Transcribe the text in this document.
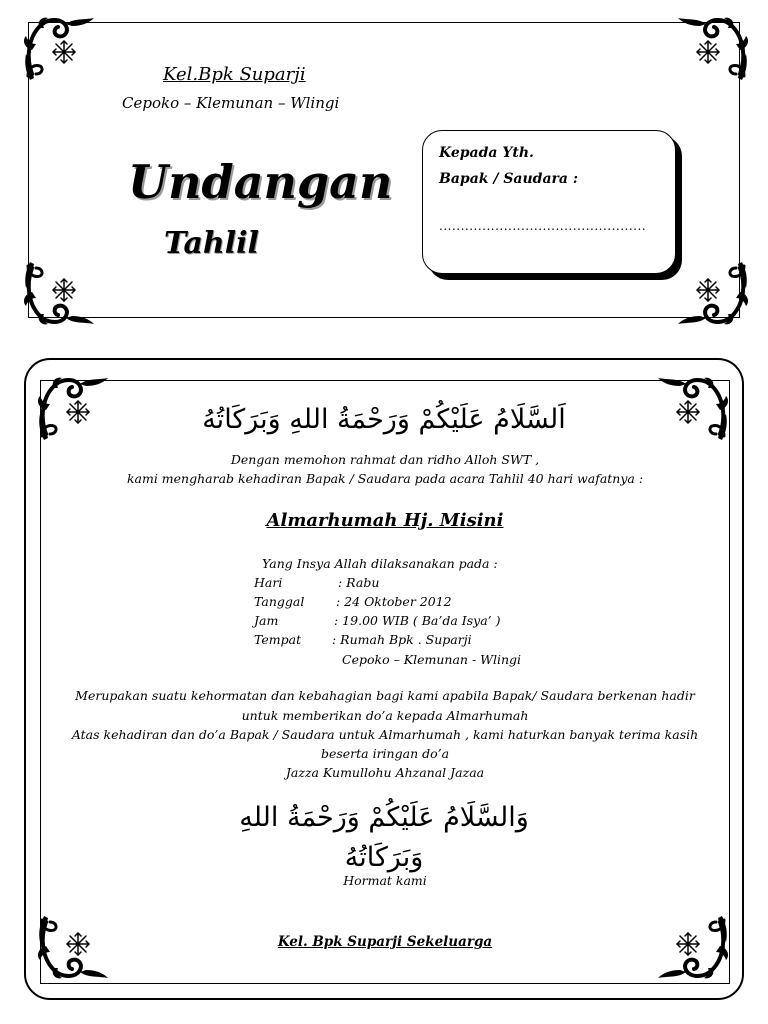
Kel.Bpk Suparji
Cepoko – Klemunan – Wlingi
Undangan
Tahlil
Kepada Yth.
Bapak / Saudara :
................................................
اَلسَّلَامُ عَلَيْكُمْ وَرَحْمَةُ اللهِ وَبَرَكَاتُهُ
Dengan memohon rahmat dan ridho Alloh SWT ,
kami mengharab kehadiran Bapak / Saudara pada acara Tahlil 40 hari wafatnya :
Almarhumah Hj. Misini
Yang Insya Allah dilaksanakan pada :
Hari	: Rabu
Tanggal	: 24 Oktober 2012
Jam	: 19.00 WIB ( Ba’da Isya’ )
Tempat : Rumah Bpk . Suparji
Cepoko – Klemunan - Wlingi
Merupakan suatu kehormatan dan kebahagian bagi kami apabila Bapak/ Saudara berkenan hadir
untuk memberikan do’a kepada Almarhumah
Atas kehadiran dan do’a Bapak / Saudara untuk Almarhumah , kami haturkan banyak terima kasih
beserta iringan do’a
Jazza Kumullohu Ahzanal Jazaa
وَالسَّلَامُ عَلَيْكُمْ وَرَحْمَةُ اللهِ وَبَرَكَاتُهُ
Hormat kami
Kel. Bpk Suparji Sekeluarga
